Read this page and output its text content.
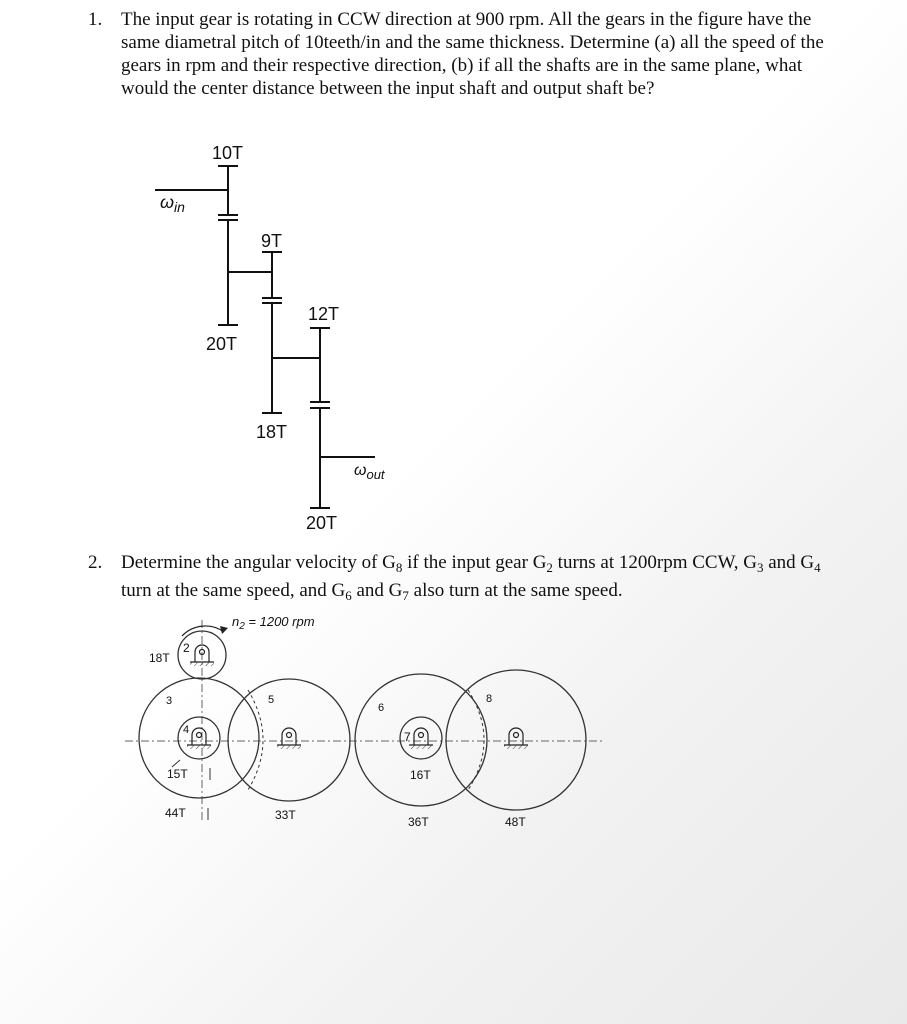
1. The input gear is rotating in CCW direction at 900 rpm. All the gears in the figure have the same diametral pitch of 10teeth/in and the same thickness. Determine (a) all the speed of the gears in rpm and their respective direction, (b) if all the shafts are in the same plane, what would the center distance between the input shaft and output shaft be?
$\omega_{in}$
10T
20T
9T
18T
12T
20T
$\omega_{out}$
2. Determine the angular velocity of $G_8$ if the input gear $G_2$ turns at 1200rpm CCW, $G_3$ and $G_4$ turn at the same speed, and $G_6$ and $G_7$ also turn at the same speed.
$n_2 = 1200$ rpm
2
3
4
5
6
7
8
18T
15T
44T	33T
16T
36T	48T
